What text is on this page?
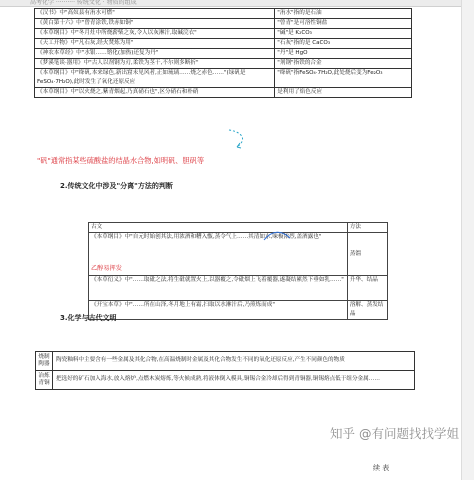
高考化学 ·········· 传统文化 · 物质的组成
《汉书》中"高奴县有洧水可燃"	"洧水"指的是石油
《黄白第十六》中"曾青涂铁,铁赤如铜"	"曾青"是可溶性铜盐
《本草纲目》中"冬月灶中所烧薪柴之灰,令人以灰淋汁,取碱浣衣"	"碱"是 K₂CO₃
《天工开物》中"凡石灰,经火焚炼为用"	"石灰"指的是 CaCO₃
《神农本草经》中"水银……镕化(加热)还复为丹"	"丹"是 HgO
《梦溪笔谈·器用》中"古人以剂钢为刃,柔铁为茎干,不尔则多断折"	"剂钢"指铁的合金
《本草纲目》中"绛矾,本来绿色,新出窟未见风者,正如琉璃……烧之赤色……"(绿矾是FeSO₄·7H₂O),此时发生了氧化还原反应	"绛矾"指FeSO₄·7H₂O,此处烧后变为Fe₂O₃
《本草纲目》中"以火烧之,紫青烟起,乃真硝石也",区分硝石和朴硝	是利用了焰色反应
"矾"通常指某些硫酸盐的结晶水合物,如明矾、胆矾等
2.传统文化中涉及"分离"方法的判断
古文	方法
《本草纲目》中"自元时始创其法,用浓酒和糟入甑,蒸令气上……其清如水,味极浓烈,盖酒露也"	蒸馏
《本草衍义》中"……取砒之法,将生砒就置火上,以器覆之,令砒烟上飞着覆器,遂凝结累然下垂如乳……"	升华、结晶
《开宝本草》中"……所在山泽,冬月地上有霜,扫取以水淋汁后,乃煎炼而成"	溶解、蒸发结晶
乙醇易挥发
3.化学与古代文明
烧制陶器	陶瓷釉料中主要含有一些金属及其化合物,在高温烧制时金属及其化合物发生不同的氧化还原反应,产生不同颜色的物质
冶炼青铜	把选好的矿石加入海水,放入熔炉,点燃木炭熔炼,等火候成熟,将液体倒入模具,铜锡合金冷却后得到青铜器,铜锡熔点低于组分金属……
知乎 @有问题找找学姐
续 表
